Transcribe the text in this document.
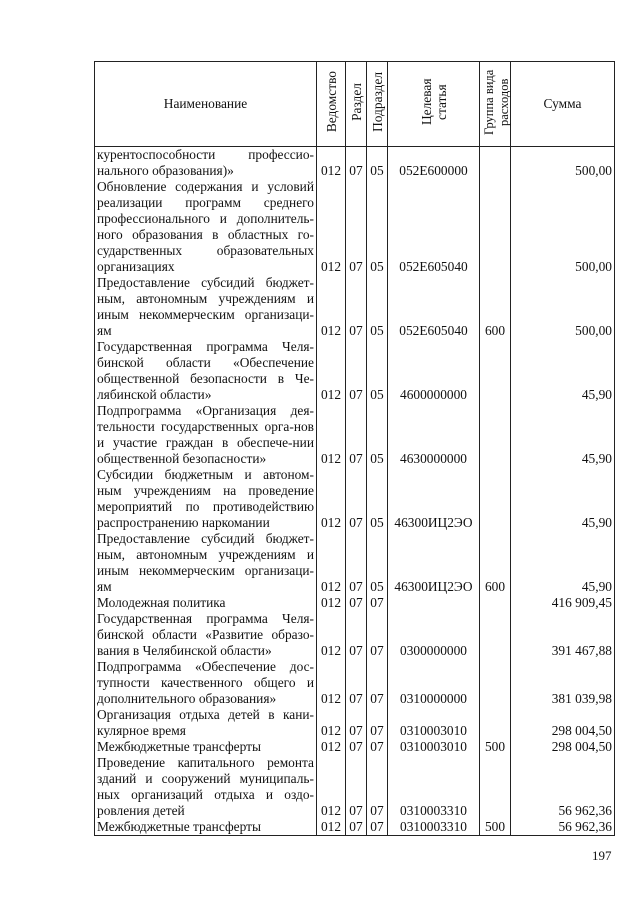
Наименование	Ведомство	Раздел	Подраздел	Целевая статья	Группа вида расходов	Сумма
курентоспособности профессио-нального образования)»	012	07	05	052Е600000		500,00
Обновление содержания и условий реализации программ среднего профессионального и дополнитель-ного образования в областных го-сударственных образовательных организациях	012	07	05	052Е605040		500,00
Предоставление субсидий бюджет-ным, автономным учреждениям и иным некоммерческим организаци-ям	012	07	05	052Е605040	600	500,00
Государственная программа Челя-бинской области «Обеспечение общественной безопасности в Че-лябинской области»	012	07	05	4600000000		45,90
Подпрограмма «Организация дея-тельности государственных орга-нов и участие граждан в обеспече-нии общественной безопасности»	012	07	05	4630000000		45,90
Субсидии бюджетным и автоном-ным учреждениям на проведение мероприятий по противодействию распространению наркомании	012	07	05	46300ИЦ2ЭО		45,90
Предоставление субсидий бюджет-ным, автономным учреждениям и иным некоммерческим организаци-ям	012	07	05	46300ИЦ2ЭО	600	45,90
Молодежная политика	012	07	07			416 909,45
Государственная программа Челя-бинской области «Развитие образо-вания в Челябинской области»	012	07	07	0300000000		391 467,88
Подпрограмма «Обеспечение дос-тупности качественного общего и дополнительного образования»	012	07	07	0310000000		381 039,98
Организация отдыха детей в кани-кулярное время	012	07	07	0310003010		298 004,50
Межбюджетные трансферты	012	07	07	0310003010	500	298 004,50
Проведение капитального ремонта зданий и сооружений муниципаль-ных организаций отдыха и оздо-ровления детей	012	07	07	0310003310		56 962,36
Межбюджетные трансферты	012	07	07	0310003310	500	56 962,36
197
